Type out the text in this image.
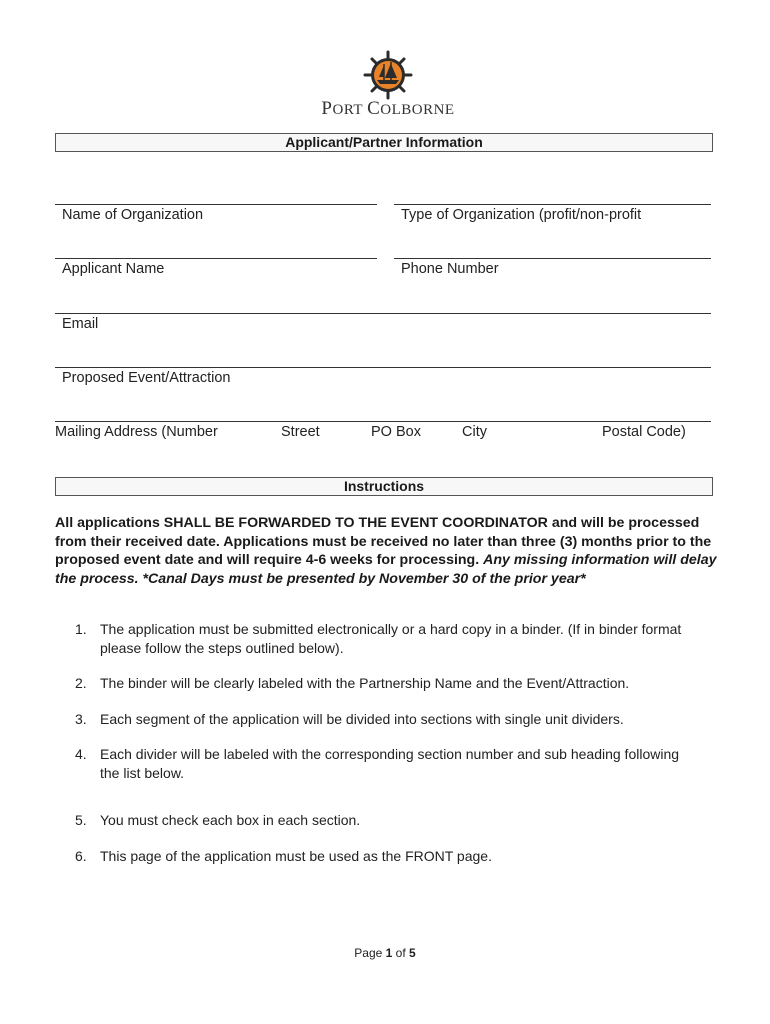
PORT COLBORNE
Applicant/Partner Information
Name of Organization	Type of Organization (profit/non-profit
Applicant Name	Phone Number
Email
Proposed Event/Attraction
Mailing Address (Number	Street	PO Box	City	Postal Code)
Instructions
All applications SHALL BE FORWARDED TO THE EVENT COORDINATOR and will be processed from their received date. Applications must be received no later than three (3) months prior to the proposed event date and will require 4-6 weeks for processing. Any missing information will delay the process. *Canal Days must be presented by November 30 of the prior year*
1. The application must be submitted electronically or a hard copy in a binder. (If in binder format please follow the steps outlined below).
2. The binder will be clearly labeled with the Partnership Name and the Event/Attraction.
3. Each segment of the application will be divided into sections with single unit dividers.
4. Each divider will be labeled with the corresponding section number and sub heading following the list below.
5. You must check each box in each section.
6. This page of the application must be used as the FRONT page.
Page 1 of 5
